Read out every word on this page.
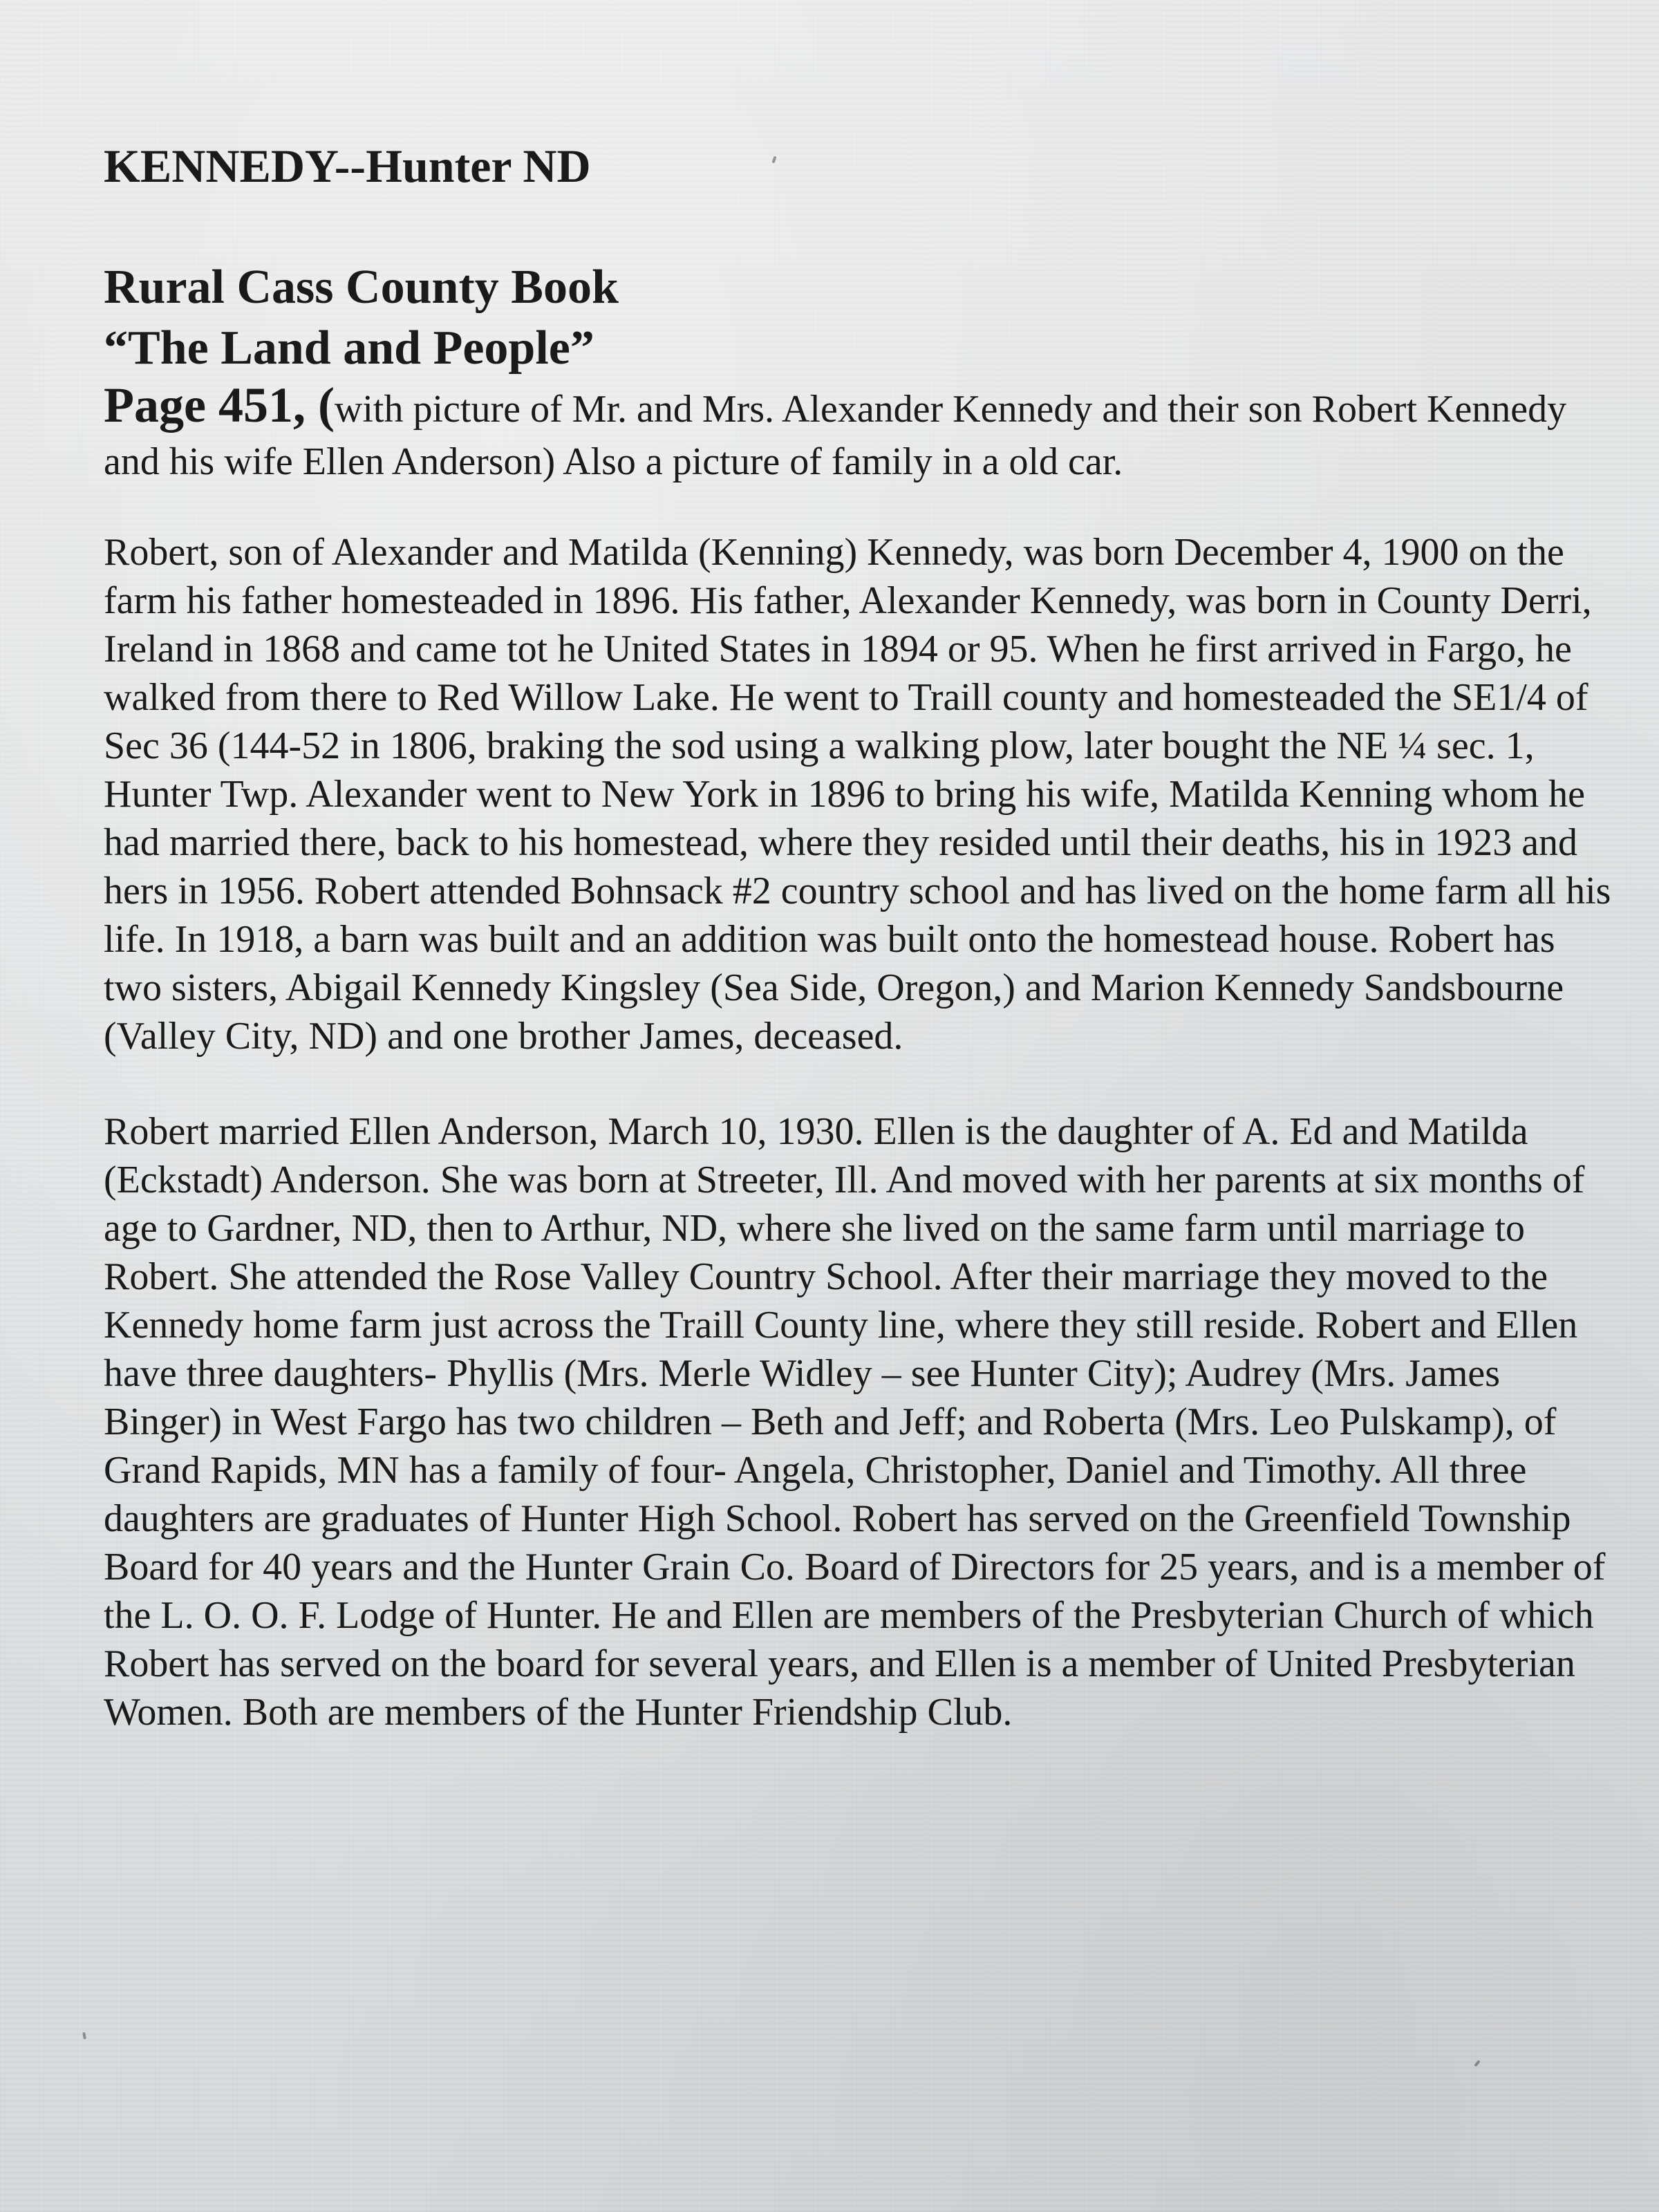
KENNEDY--Hunter ND

Rural Cass County Book

“The Land and People”

Page 451, (with picture of Mr. and Mrs. Alexander Kennedy and their son Robert Kennedy and his wife Ellen Anderson) Also a picture of family in a old car.

Robert, son of Alexander and Matilda (Kenning) Kennedy, was born December 4, 1900 on the farm his father homesteaded in 1896. His father, Alexander Kennedy, was born in County Derri, Ireland in 1868 and came tot he United States in 1894 or 95. When he first arrived in Fargo, he walked from there to Red Willow Lake. He went to Traill county and homesteaded the SE1/4 of Sec 36 (144-52 in 1806, braking the sod using a walking plow, later bought the NE ¼ sec. 1, Hunter Twp. Alexander went to New York in 1896 to bring his wife, Matilda Kenning whom he had married there, back to his homestead, where they resided until their deaths, his in 1923 and hers in 1956. Robert attended Bohnsack #2 country school and has lived on the home farm all his life. In 1918, a barn was built and an addition was built onto the homestead house. Robert has two sisters, Abigail Kennedy Kingsley (Sea Side, Oregon,) and Marion Kennedy Sandsbourne (Valley City, ND) and one brother James, deceased.

Robert married Ellen Anderson, March 10, 1930. Ellen is the daughter of A. Ed and Matilda (Eckstadt) Anderson. She was born at Streeter, Ill. And moved with her parents at six months of age to Gardner, ND, then to Arthur, ND, where she lived on the same farm until marriage to Robert. She attended the Rose Valley Country School. After their marriage they moved to the Kennedy home farm just across the Traill County line, where they still reside. Robert and Ellen have three daughters- Phyllis (Mrs. Merle Widley – see Hunter City); Audrey (Mrs. James Binger) in West Fargo has two children – Beth and Jeff; and Roberta (Mrs. Leo Pulskamp), of Grand Rapids, MN has a family of four- Angela, Christopher, Daniel and Timothy. All three daughters are graduates of Hunter High School. Robert has served on the Greenfield Township Board for 40 years and the Hunter Grain Co. Board of Directors for 25 years, and is a member of the L. O. O. F. Lodge of Hunter. He and Ellen are members of the Presbyterian Church of which Robert has served on the board for several years, and Ellen is a member of United Presbyterian Women. Both are members of the Hunter Friendship Club.
